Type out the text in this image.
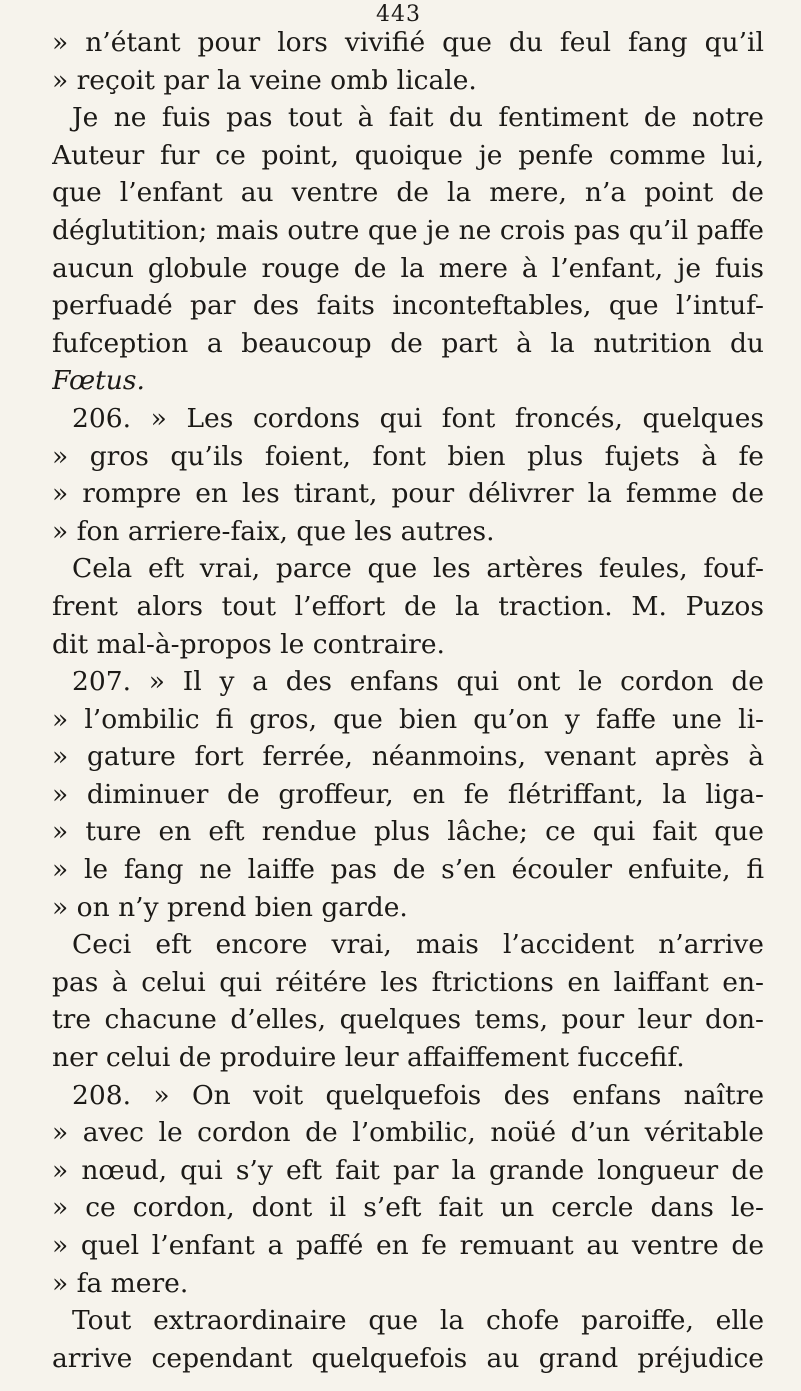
443
» n’étant pour lors vivifié que du feul fang qu’il
» reçoit par la veine omb licale.
Je ne fuis pas tout à fait du fentiment de notre
Auteur fur ce point, quoique je penfe comme lui,
que l’enfant au ventre de la mere, n’a point de
déglutition; mais outre que je ne crois pas qu’il paffe
aucun globule rouge de la mere à l’enfant, je fuis
perfuadé par des faits inconteftables, que l’intuf-
fufception a beaucoup de part à la nutrition du
Fœtus.
206. » Les cordons qui font froncés, quelques
» gros qu’ils foient, font bien plus fujets à fe
» rompre en les tirant, pour délivrer la femme de
» fon arriere-faix, que les autres.
Cela eft vrai, parce que les artères feules, fouf-
frent alors tout l’effort de la traction. M. Puzos
dit mal-à-propos le contraire.
207. » Il y a des enfans qui ont le cordon de
» l’ombilic fi gros, que bien qu’on y faffe une li-
» gature fort ferrée, néanmoins, venant après à
» diminuer de groffeur, en fe flétriffant, la liga-
» ture en eft rendue plus lâche; ce qui fait que
» le fang ne laiffe pas de s’en écouler enfuite, fi
» on n’y prend bien garde.
Ceci eft encore vrai, mais l’accident n’arrive
pas à celui qui réitére les ftrictions en laiffant en-
tre chacune d’elles, quelques tems, pour leur don-
ner celui de produire leur affaiffement fuccefif.
208. » On voit quelquefois des enfans naître
» avec le cordon de l’ombilic, noüé d’un véritable
» nœud, qui s’y eft fait par la grande longueur de
» ce cordon, dont il s’eft fait un cercle dans le-
» quel l’enfant a paffé en fe remuant au ventre de
» fa mere.
Tout extraordinaire que la chofe paroiffe, elle
arrive cependant quelquefois au grand préjudice
